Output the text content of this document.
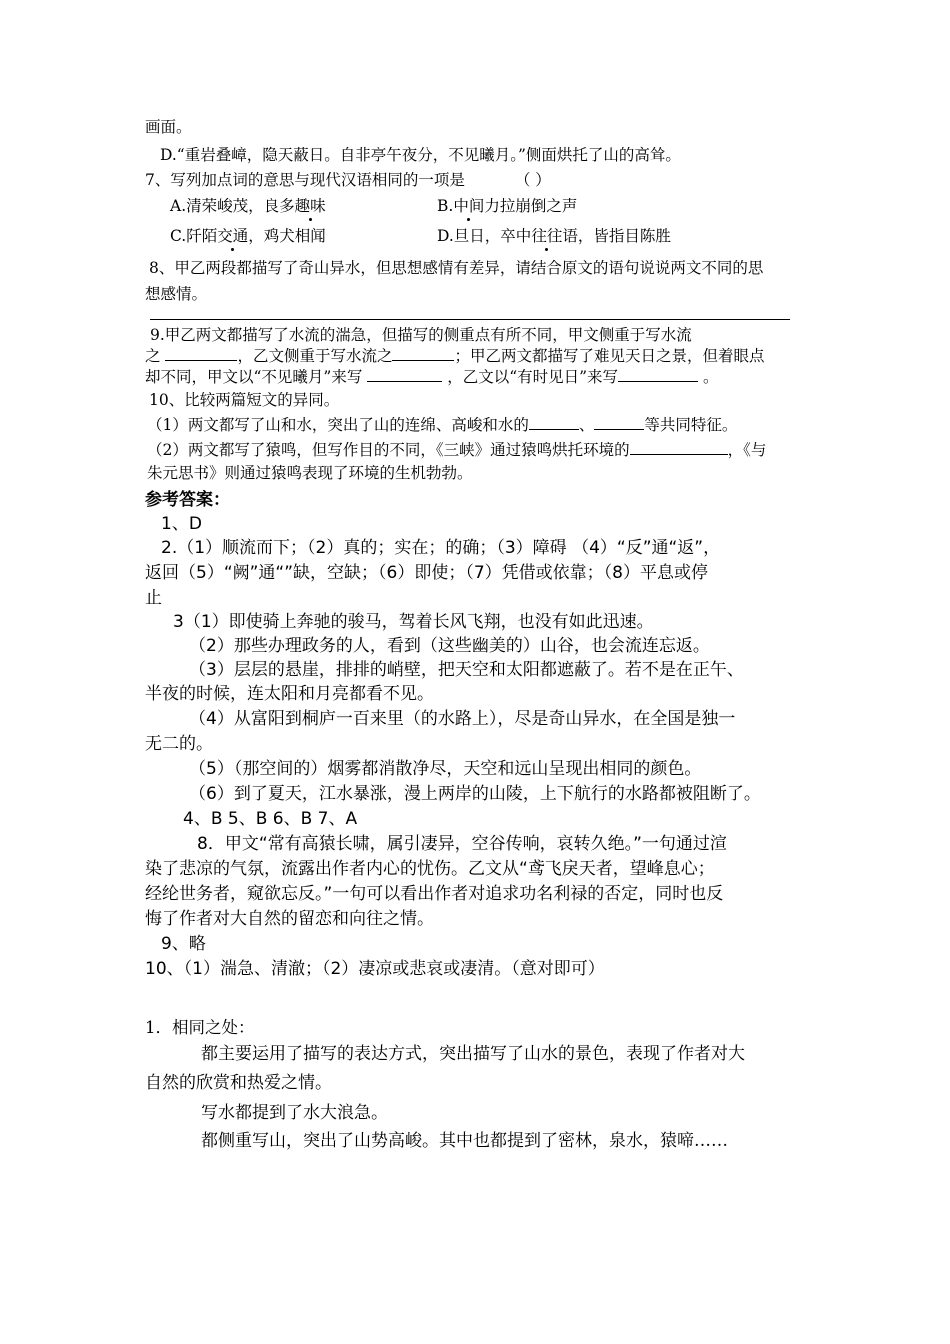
画面。
D.“重岩叠嶂，隐天蔽日。自非亭午夜分，不见曦月。”侧面烘托了山的高耸。
7、写列加点词的意思与现代汉语相同的一项是	（ ）
A.清荣峻茂，良多趣味	B.中间力拉崩倒之声
C.阡陌交通，鸡犬相闻	D.旦日，卒中往往语，皆指目陈胜
8、甲乙两段都描写了奇山异水，但思想感情有差异，请结合原文的语句说说两文不同的思
想感情。
9.甲乙两文都描写了水流的湍急，但描写的侧重点有所不同，甲文侧重于写水流
之	，乙文侧重于写水流之	；甲乙两文都描写了难见天日之景，但着眼点
却不同，甲文以“不见曦月”来写	，乙文以“有时见日”来写	。
10、比较两篇短文的异同。
（1）两文都写了山和水，突出了山的连绵、高峻和水的	、	等共同特征。
（2）两文都写了猿鸣，但写作目的不同，《三峡》通过猿鸣烘托环境的	，《与
朱元思书》则通过猿鸣表现了环境的生机勃勃。
参考答案：
1、D
2.（1）顺流而下；（2）真的；实在；的确；（3）障碍 （4）“反”通“返”，
返回（5）“阙”通“”缺，空缺；（6）即使；（7）凭借或依靠；（8）平息或停
止
3（1）即使骑上奔驰的骏马，驾着长风飞翔，也没有如此迅速。
（2）那些办理政务的人，看到（这些幽美的）山谷，也会流连忘返。
（3）层层的悬崖，排排的峭壁，把天空和太阳都遮蔽了。若不是在正午、
半夜的时候，连太阳和月亮都看不见。
（4）从富阳到桐庐一百来里（的水路上），尽是奇山异水，在全国是独一
无二的。
（5）（那空间的）烟雾都消散净尽，天空和远山呈现出相同的颜色。
（6）到了夏天，江水暴涨，漫上两岸的山陵，上下航行的水路都被阻断了。
4、B 5、B 6、B 7、A
8．甲文“常有高猿长啸，属引凄异，空谷传响，哀转久绝。”一句通过渲
染了悲凉的气氛，流露出作者内心的忧伤。乙文从“鸢飞戾天者，望峰息心；
经纶世务者，窥欲忘反。”一句可以看出作者对追求功名利禄的否定，同时也反
悔了作者对大自然的留恋和向往之情。
9、略
10、（1）湍急、清澈；（2）凄凉或悲哀或凄清。（意对即可）
1．相同之处：
都主要运用了描写的表达方式，突出描写了山水的景色，表现了作者对大
自然的欣赏和热爱之情。
写水都提到了水大浪急。
都侧重写山，突出了山势高峻。其中也都提到了密林，泉水，猿啼……
